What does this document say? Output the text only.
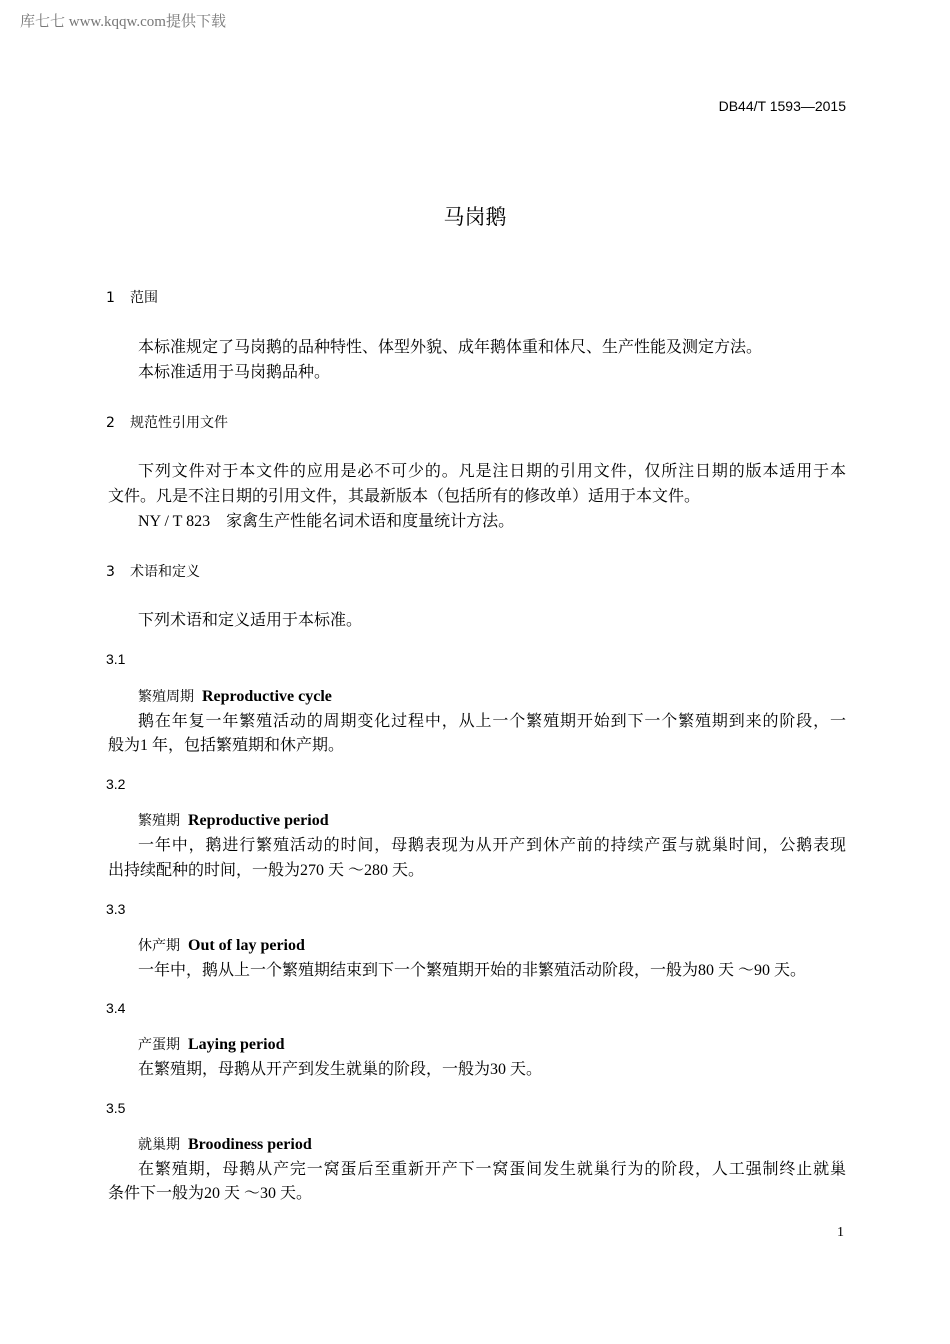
库七七 www.kqqw.com提供下载
DB44/T 1593—2015
马岗鹅
1 范围
本标准规定了马岗鹅的品种特性、体型外貌、成年鹅体重和体尺、生产性能及测定方法。
本标准适用于马岗鹅品种。
2 规范性引用文件
下列文件对于本文件的应用是必不可少的。凡是注日期的引用文件，仅所注日期的版本适用于本
文件。凡是不注日期的引用文件，其最新版本（包括所有的修改单）适用于本文件。
NY / T 823　家禽生产性能名词术语和度量统计方法。
3 术语和定义
下列术语和定义适用于本标准。
3.1
繁殖周期 Reproductive cycle
鹅在年复一年繁殖活动的周期变化过程中，从上一个繁殖期开始到下一个繁殖期到来的阶段，一
般为1 年，包括繁殖期和休产期。
3.2
繁殖期 Reproductive period
一年中，鹅进行繁殖活动的时间，母鹅表现为从开产到休产前的持续产蛋与就巢时间，公鹅表现
出持续配种的时间，一般为270 天 ～280 天。
3.3
休产期 Out of lay period
一年中，鹅从上一个繁殖期结束到下一个繁殖期开始的非繁殖活动阶段，一般为80 天 ～90 天。
3.4
产蛋期 Laying period
在繁殖期，母鹅从开产到发生就巢的阶段，一般为30 天。
3.5
就巢期 Broodiness period
在繁殖期，母鹅从产完一窝蛋后至重新开产下一窝蛋间发生就巢行为的阶段，人工强制终止就巢
条件下一般为20 天 ～30 天。
1
